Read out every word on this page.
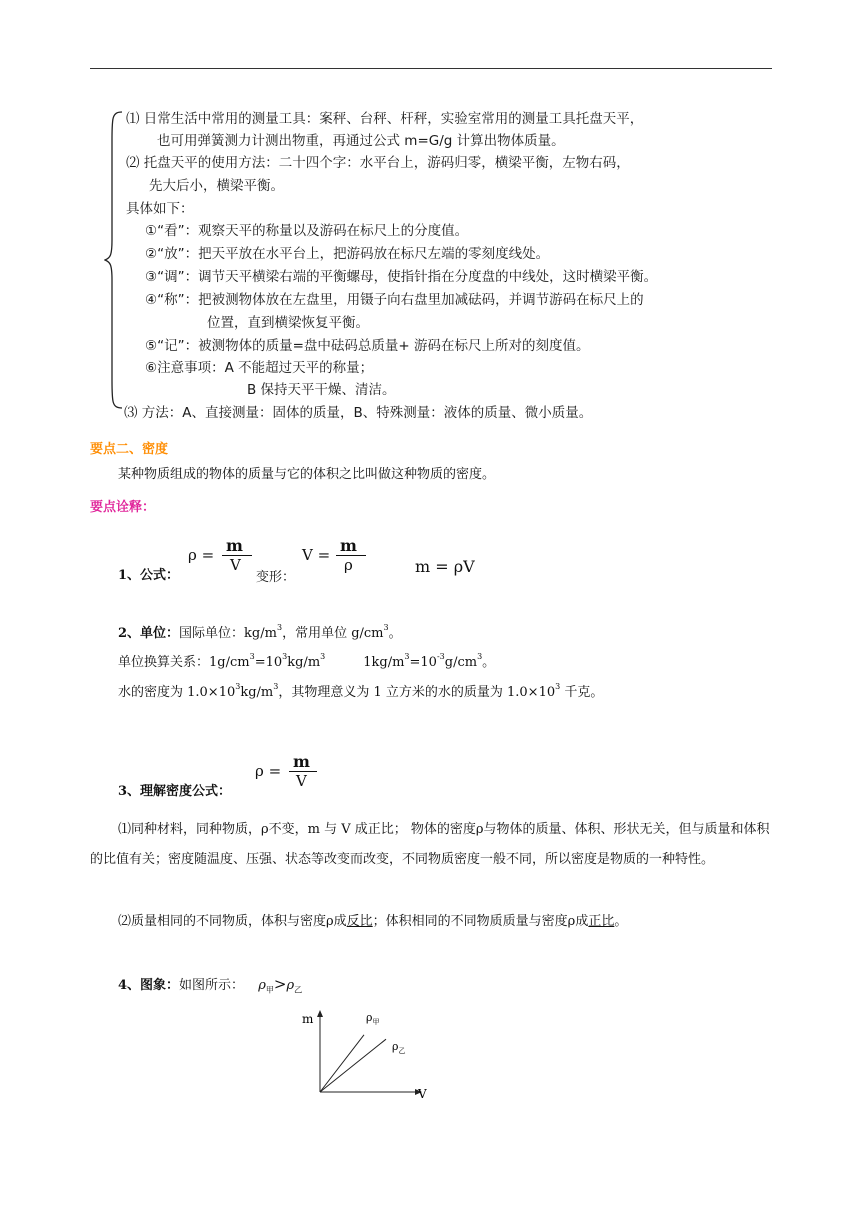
⑴ 日常生活中常用的测量工具：案秤、台秤、杆秤，实验室常用的测量工具托盘天平，
也可用弹簧测力计测出物重，再通过公式 m=G/g 计算出物体质量。
⑵ 托盘天平的使用方法：二十四个字：水平台上，游码归零，横梁平衡，左物右码，
先大后小，横梁平衡。
具体如下：
①“看”：观察天平的称量以及游码在标尺上的分度值。
②“放”：把天平放在水平台上，把游码放在标尺左端的零刻度线处。
③“调”：调节天平横梁右端的平衡螺母，使指针指在分度盘的中线处，这时横梁平衡。
④“称”：把被测物体放在左盘里，用镊子向右盘里加减砝码，并调节游码在标尺上的
位置，直到横梁恢复平衡。
⑤“记”：被测物体的质量=盘中砝码总质量+ 游码在标尺上所对的刻度值。
⑥注意事项：A 不能超过天平的称量；
B 保持天平干燥、清洁。
⑶ 方法：A、直接测量：固体的质量，B、特殊测量：液体的质量、微小质量。
要点二、密度
某种物质组成的物体的质量与它的体积之比叫做这种物质的密度。
要点诠释：
1、公式：
ρ = m
V
变形：
V = m
ρ	m = ρV
2、单位：国际单位：$kg/m^3$，常用单位 $g/cm^3$。
单位换算关系：$1g/cm^3=10^3kg/m^3$	$1kg/m^3=10^{-3}g/cm^3$。
水的密度为 $1.0\times 10^3kg/m^3$，其物理意义为 1 立方米的水的质量为 $1.0\times 10^3$ 千克。
ρ = m
V
3、理解密度公式：
⑴同种材料，同种物质，ρ不变，m 与 V 成正比； 物体的密度ρ与物体的质量、体积、形状无关，但与质量和体积的比值有关；密度随温度、压强、状态等改变而改变，不同物质密度一般不同，所以密度是物质的一种特性。
⑵质量相同的不同物质，体积与密度ρ成反比；体积相同的不同物质质量与密度ρ成正比。
4、图象：如图所示： $\rho_甲>\rho_乙$
m
V
$\rho_甲$
$\rho_乙$
